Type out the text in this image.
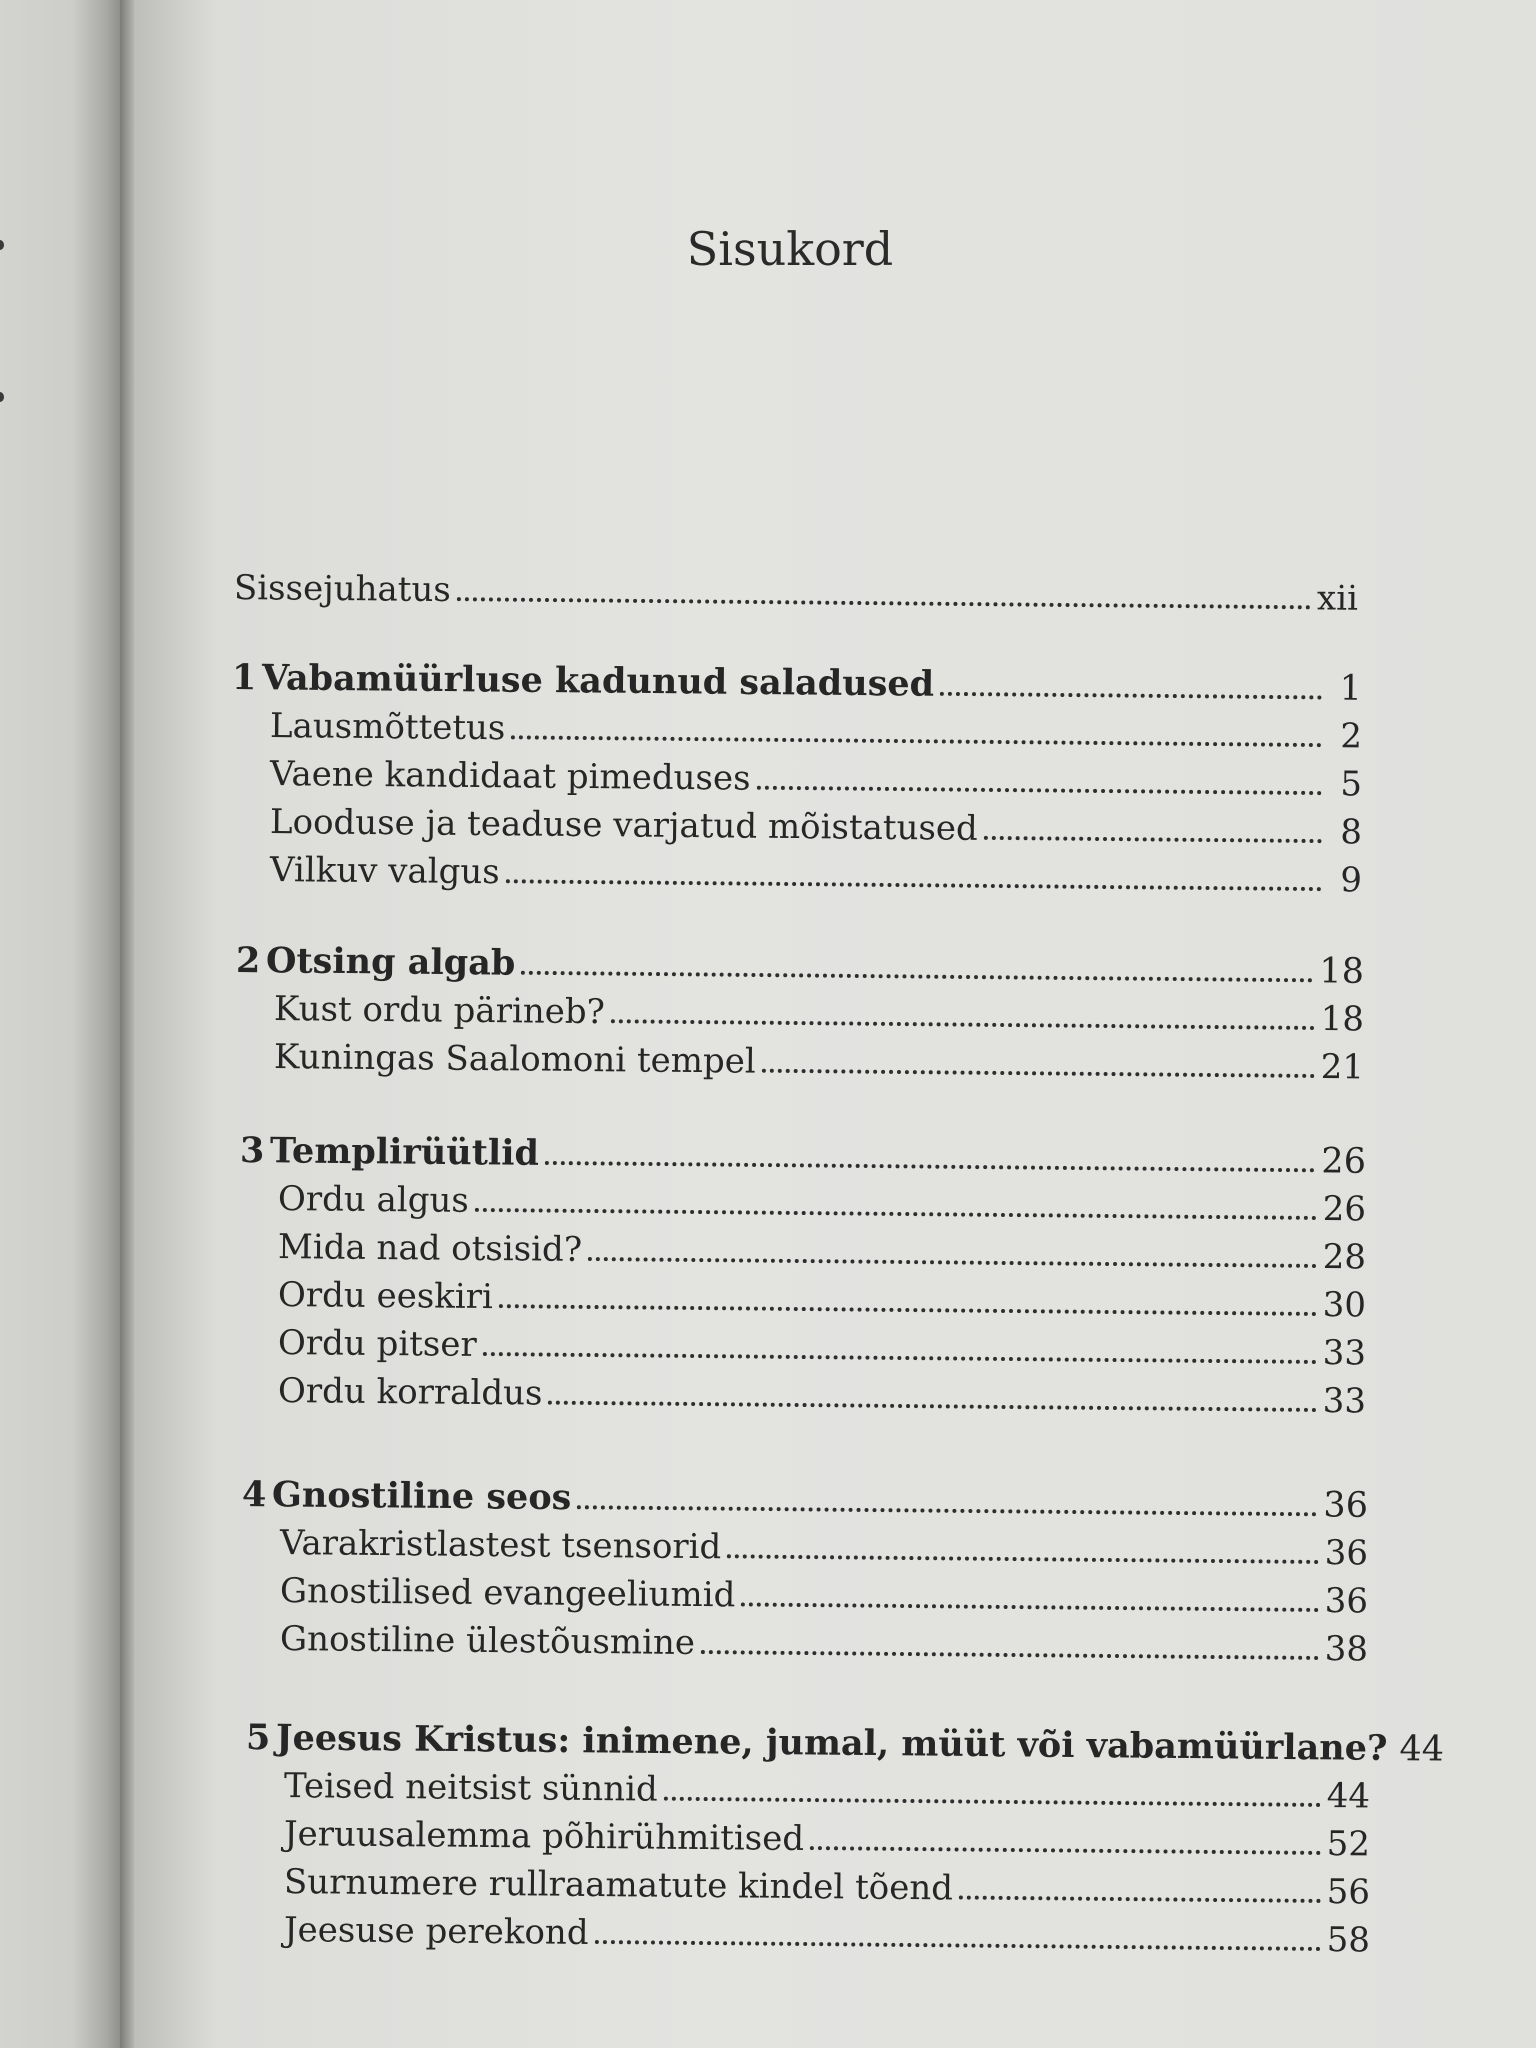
Sisukord
Sissejuhatus	xii
1 Vabamüürluse kadunud saladused	1
Lausmõttetus	2
Vaene kandidaat pimeduses	5
Looduse ja teaduse varjatud mõistatused	8
Vilkuv valgus	9
2 Otsing algab	18
Kust ordu pärineb?	18
Kuningas Saalomoni tempel	21
3 Templirüütlid	26
Ordu algus	26
Mida nad otsisid?	28
Ordu eeskiri	30
Ordu pitser	33
Ordu korraldus	33
4 Gnostiline seos	36
Varakristlastest tsensorid	36
Gnostilised evangeeliumid	36
Gnostiline ülestõusmine	38
5 Jeesus Kristus: inimene, jumal, müüt või vabamüürlane? 44
Teised neitsist sünnid	44
Jeruusalemma põhirühmitised	52
Surnumere rullraamatute kindel tõend	56
Jeesuse perekond	58
